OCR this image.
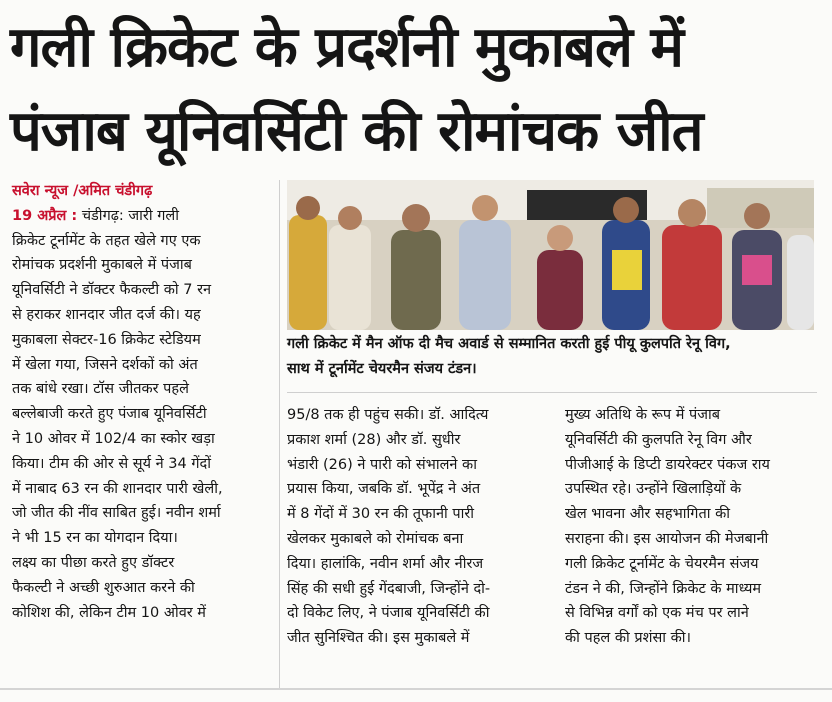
गली क्रिकेट के प्रदर्शनी मुकाबले में
पंजाब यूनिवर्सिटी की रोमांचक जीत
सवेरा न्यूज /अमित चंडीगढ़
19 अप्रैल : चंडीगढ़: जारी गली
क्रिकेट टूर्नामेंट के तहत खेले गए एक
रोमांचक प्रदर्शनी मुकाबले में पंजाब
यूनिवर्सिटी ने डॉक्टर फैकल्टी को 7 रन
से हराकर शानदार जीत दर्ज की। यह
मुकाबला सेक्टर-16 क्रिकेट स्टेडियम
में खेला गया, जिसने दर्शकों को अंत
तक बांधे रखा। टॉस जीतकर पहले
बल्लेबाजी करते हुए पंजाब यूनिवर्सिटी
ने 10 ओवर में 102/4 का स्कोर खड़ा
किया। टीम की ओर से सूर्य ने 34 गेंदों
में नाबाद 63 रन की शानदार पारी खेली,
जो जीत की नींव साबित हुई। नवीन शर्मा
ने भी 15 रन का योगदान दिया।
लक्ष्य का पीछा करते हुए डॉक्टर
फैकल्टी ने अच्छी शुरुआत करने की
कोशिश की, लेकिन टीम 10 ओवर में
गली क्रिकेट में मैन ऑफ दी मैच अवार्ड से सम्मानित करती हुई पीयू कुलपति रेनू विग,
साथ में टूर्नामेंट चेयरमैन संजय टंडन।
95/8 तक ही पहुंच सकी। डॉ. आदित्य
प्रकाश शर्मा (28) और डॉ. सुधीर
भंडारी (26) ने पारी को संभालने का
प्रयास किया, जबकि डॉ. भूपेंद्र ने अंत
में 8 गेंदों में 30 रन की तूफानी पारी
खेलकर मुकाबले को रोमांचक बना
दिया। हालांकि, नवीन शर्मा और नीरज
सिंह की सधी हुई गेंदबाजी, जिन्होंने दो-
दो विकेट लिए, ने पंजाब यूनिवर्सिटी की
जीत सुनिश्चित की। इस मुकाबले में
मुख्य अतिथि के रूप में पंजाब
यूनिवर्सिटी की कुलपति रेनू विग और
पीजीआई के डिप्टी डायरेक्टर पंकज राय
उपस्थित रहे। उन्होंने खिलाड़ियों के
खेल भावना और सहभागिता की
सराहना की। इस आयोजन की मेजबानी
गली क्रिकेट टूर्नामेंट के चेयरमैन संजय
टंडन ने की, जिन्होंने क्रिकेट के माध्यम
से विभिन्न वर्गों को एक मंच पर लाने
की पहल की प्रशंसा की।
